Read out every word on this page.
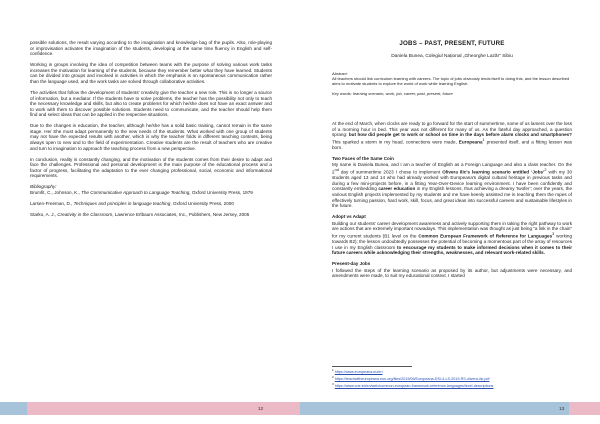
possible solutions, the result varying according to the imagination and knowledge bag of the pupils. Also, role-playing or improvisation activates the imagination of the students, developing at the same time fluency in English and self-confidence.

Working in groups involving the idea of competition between teams with the purpose of solving various work tasks increases the motivation for learning of the students, because they remember better what they have learned. Students can be divided into groups and involved in activities in which the emphasis is on spontaneous communication rather than the language used, and the work tasks are solved through collaborative activities.

The activities that follow the development of students' creativity give the teacher a new role. This is no longer a source of information, but a mediator. If the students have to solve problems, the teacher has the possibility not only to teach the necessary knowledge and skills, but also to create problems for which he/she does not have an exact answer and to work with them to discover possible solutions. Students need to communicate, and the teacher should help them find and select ideas that can be applied in the respective situations.

Due to the changes in education, the teacher, although he/she has a solid basic training, cannot remain in the same stage. He/ She must adapt permanently to the new needs of the students. What worked with one group of students may not have the expected results with another, which is why the teacher folds in different teaching contexts, being always open to new and to the field of experimentation. Creative students are the result of teachers who are creative and turn to imagination to approach the teaching process from a new perspective.

In conclusion, reality is constantly changing, and the motivation of the students comes from their desire to adapt and face the challenges. Professional and personal development is the main purpose of the educational process and a factor of progress, facilitating the adaptation to the ever changing professional, social, economic and informational requirements.

Bibliography:

Brumfit, C., Johnson, K., The Communicative Approach to Language Teaching, Oxford University Press, 1979

Larsen-Freeman, D., Techniques and principles in language teaching, Oxford University Press, 2000

Starko, A. J., Creativity in the Classroom, Lawrence Erlbaum Associates, Inc., Publishers, New Jersey, 2005

JOBS – PAST, PRESENT, FUTURE
Daniela Bunea, Colegiul Național „Gheorghe Lazăr” Sibiu
Abstract:
All teachers should link curriculum learning with careers. The topic of jobs obviously lends itself to doing this, and the lesson described aims to motivate students to explore the world of work while learning English.
Key words: learning scenario, work, job, career, past, present, future

At the end of March, when clocks are ready to go forward for the start of summertime, some of us lament over the loss of a morning hour in bed. This year was not different for many of us. As the fateful day approached, a question sprang: but how did people get to work or school on time in the days before alarm clocks and smartphones? This sparked a storm in my head, connections were made, Europeana$^1$ presented itself, and a fitting lesson was born.

Two Faces of the Same Coin

My name is Daniela Bunea, and I am a teacher of English as a Foreign Language and also a class teacher. On the 2nd day of summertime 2023 I chose to implement Olivera Ilic's learning scenario entitled ‘Jobs’$^2$ with my 30 students aged 13 and 14 who had already worked with Europeana's digital cultural heritage in previous tasks and during a few mini-projects before, in a fitting Year-Over-Device learning environment. I have been confidently and constantly embedding career education in my English lessons, thus achieving a dreamy ‘twofer’; over the years, the various English projects implemented by my students and me have keenly assisted me in teaching them the ropes of effectively turning passion, hard work, skill, focus, and great ideas into successful careers and sustainable lifestyles in the future.

Adopt vs Adapt

Building our students' career development awareness and actively supporting them in taking the right pathway to work are actions that are extremely important nowadays. This implementation was thought as just being “a link in the chain” for my current students (B1 level on the Common European Framework of Reference for Languages$^3$ working towards B2); the lesson undoubtedly possesses the potential of becoming a momentous part of the array of resources I use in my English classroom to encourage my students to make informed decisions when it comes to their future careers while acknowledging their strengths, weaknesses, and relevant work-related skills.

Present-day Jobs

I followed the steps of the learning scenario as proposed by its author, but adjustments were necessary, and amendments were made, to suit my educational context. I started

$^1$ https://www.europeana.eu/en
$^2$ https://teachwitheuropeana.eun.org/files/2019/06/Europeana-DSI-4-LS-2019-RS-olivera-ilic.pdf
$^3$ https://www.coe.int/en/web/common-european-framework-reference-languages/level-descriptions
12	13
